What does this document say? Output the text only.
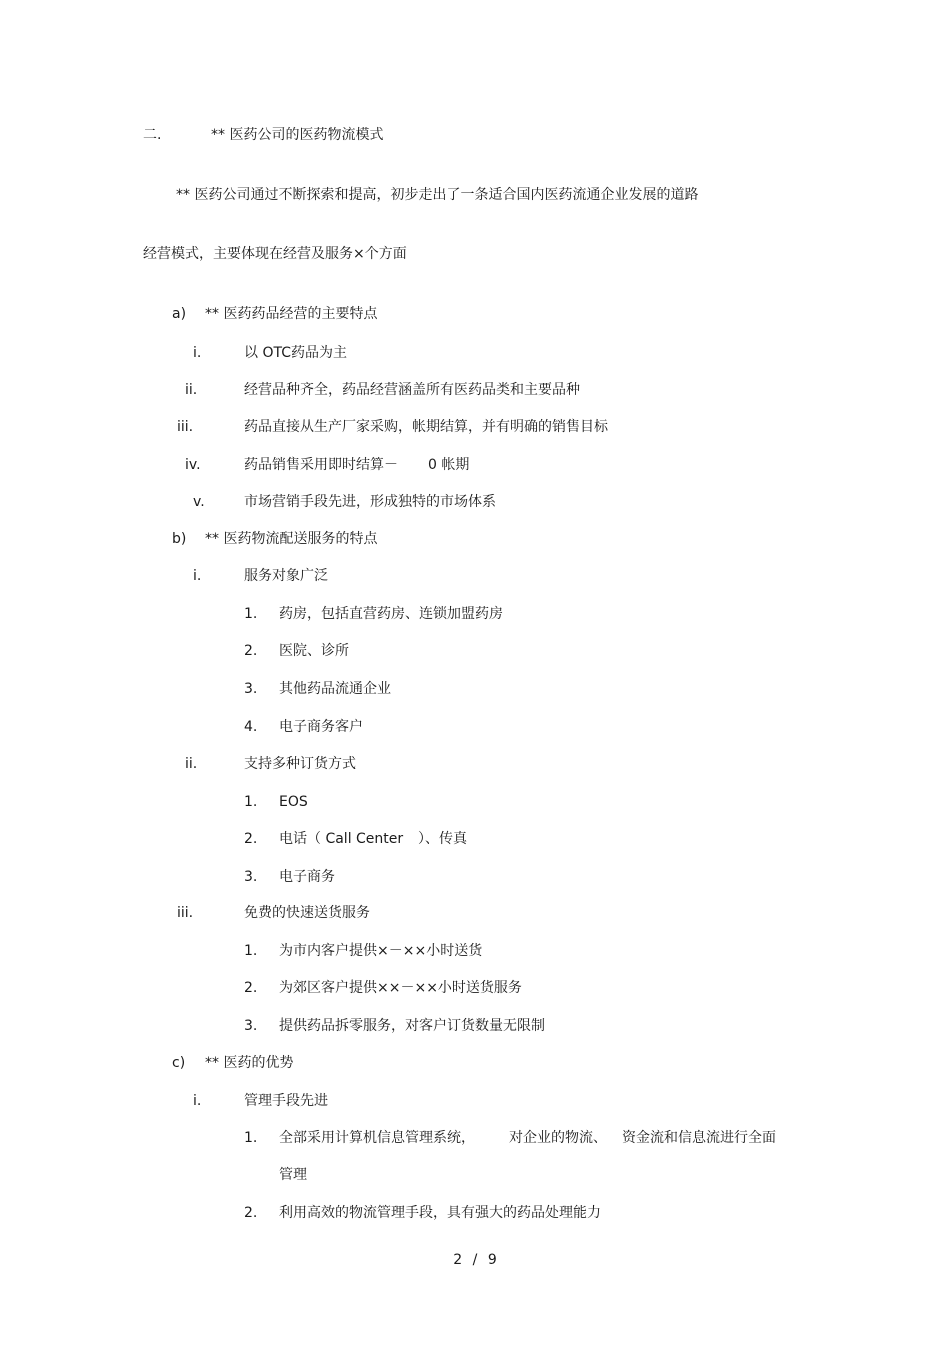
二.	** 医药公司的医药物流模式
** 医药公司通过不断探索和提高，初步走出了一条适合国内医药流通企业发展的道路
经营模式，主要体现在经营及服务×个方面
a) ** 医药药品经营的主要特点
i.	以 OTC药品为主
ii.	经营品种齐全，药品经营涵盖所有医药品类和主要品种
iii.	药品直接从生产厂家采购，帐期结算，并有明确的销售目标
iv.	药品销售采用即时结算－ 0 帐期
v.	市场营销手段先进，形成独特的市场体系
b) ** 医药物流配送服务的特点
i.	服务对象广泛
1. 药房，包括直营药房、连锁加盟药房
2. 医院、诊所
3. 其他药品流通企业
4. 电子商务客户
ii.	支持多种订货方式
1. EOS
2. 电话（ Call Center ）、传真
3. 电子商务
iii.	免费的快速送货服务
1. 为市内客户提供×－××小时送货
2. 为郊区客户提供××－××小时送货服务
3. 提供药品拆零服务，对客户订货数量无限制
c) ** 医药的优势
i.	管理手段先进
1. 全部采用计算机信息管理系统， 对企业的物流、 资金流和信息流进行全面
管理
2. 利用高效的物流管理手段，具有强大的药品处理能力
2 / 9
